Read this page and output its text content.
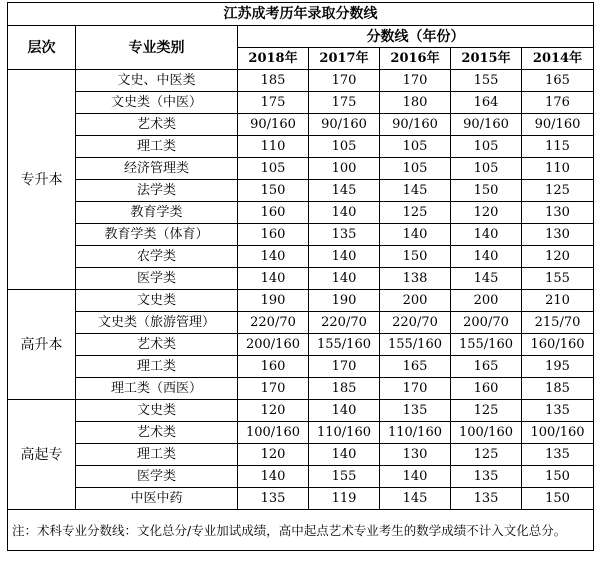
江苏成考历年录取分数线						
层次	专业类别	分数线（年份）				
		2018年	2017年	2016年	2015年	2014年
专升本	文史、中医类	185	170	170	155	165
	文史类（中医）	175	175	180	164	176
	艺术类	90/160	90/160	90/160	90/160	90/160
	理工类	110	105	105	105	115
	经济管理类	105	100	105	105	110
	法学类	150	145	145	150	125
	教育学类	160	140	125	120	130
	教育学类（体育）	160	135	140	140	130
	农学类	140	140	150	140	120
	医学类	140	140	138	145	155
高升本	文史类	190	190	200	200	210
	文史类（旅游管理）	220/70	220/70	220/70	200/70	215/70
	艺术类	200/160	155/160	155/160	155/160	160/160
	理工类	160	170	165	165	195
	理工类（西医）	170	185	170	160	185
高起专	文史类	120	140	135	125	135
	艺术类	100/160	110/160	110/160	100/160	100/160
	理工类	120	140	130	125	135
	医学类	140	155	140	135	150
	中医中药	135	119	145	135	150
注：术科专业分数线：文化总分/专业加试成绩，高中起点艺术专业考生的数学成绩不计入文化总分。						
